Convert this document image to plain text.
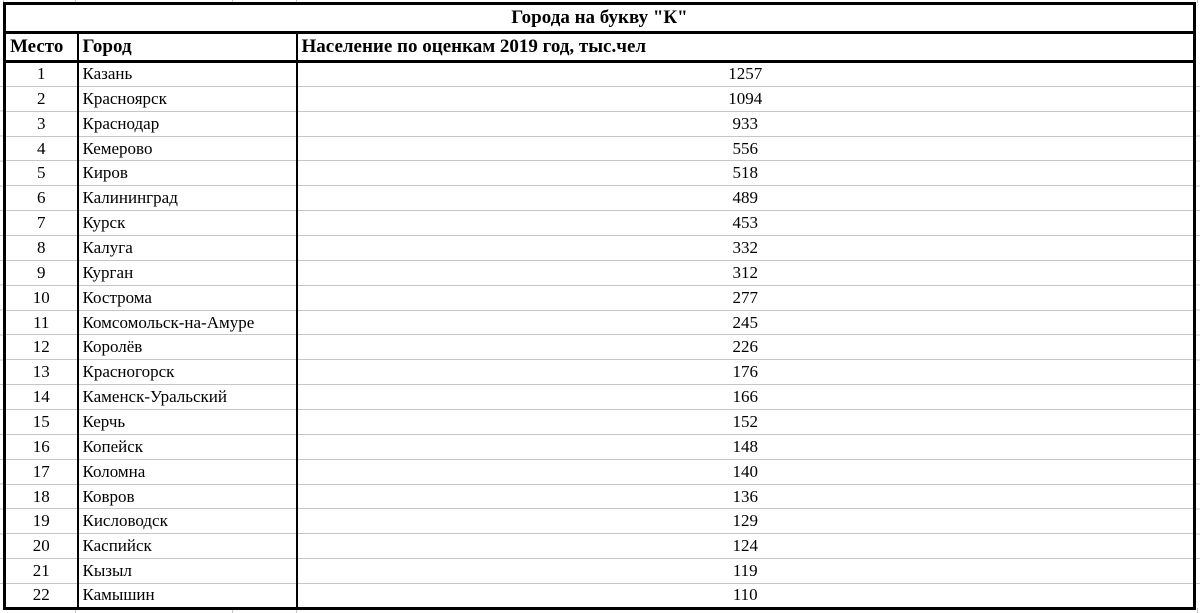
Города на букву "К"		
Место	Город	Население по оценкам 2019 год, тыс.чел

1	Казань	1257
2	Красноярск	1094
3	Краснодар	933
4	Кемерово	556
5	Киров	518
6	Калининград	489
7	Курск	453
8	Калуга	332
9	Курган	312
10	Кострома	277
11	Комсомольск-на-Амуре	245
12	Королёв	226
13	Красногорск	176
14	Каменск-Уральский	166
15	Керчь	152
16	Копейск	148
17	Коломна	140
18	Ковров	136
19	Кисловодск	129
20	Каспийск	124
21	Кызыл	119
22	Камышин	110
